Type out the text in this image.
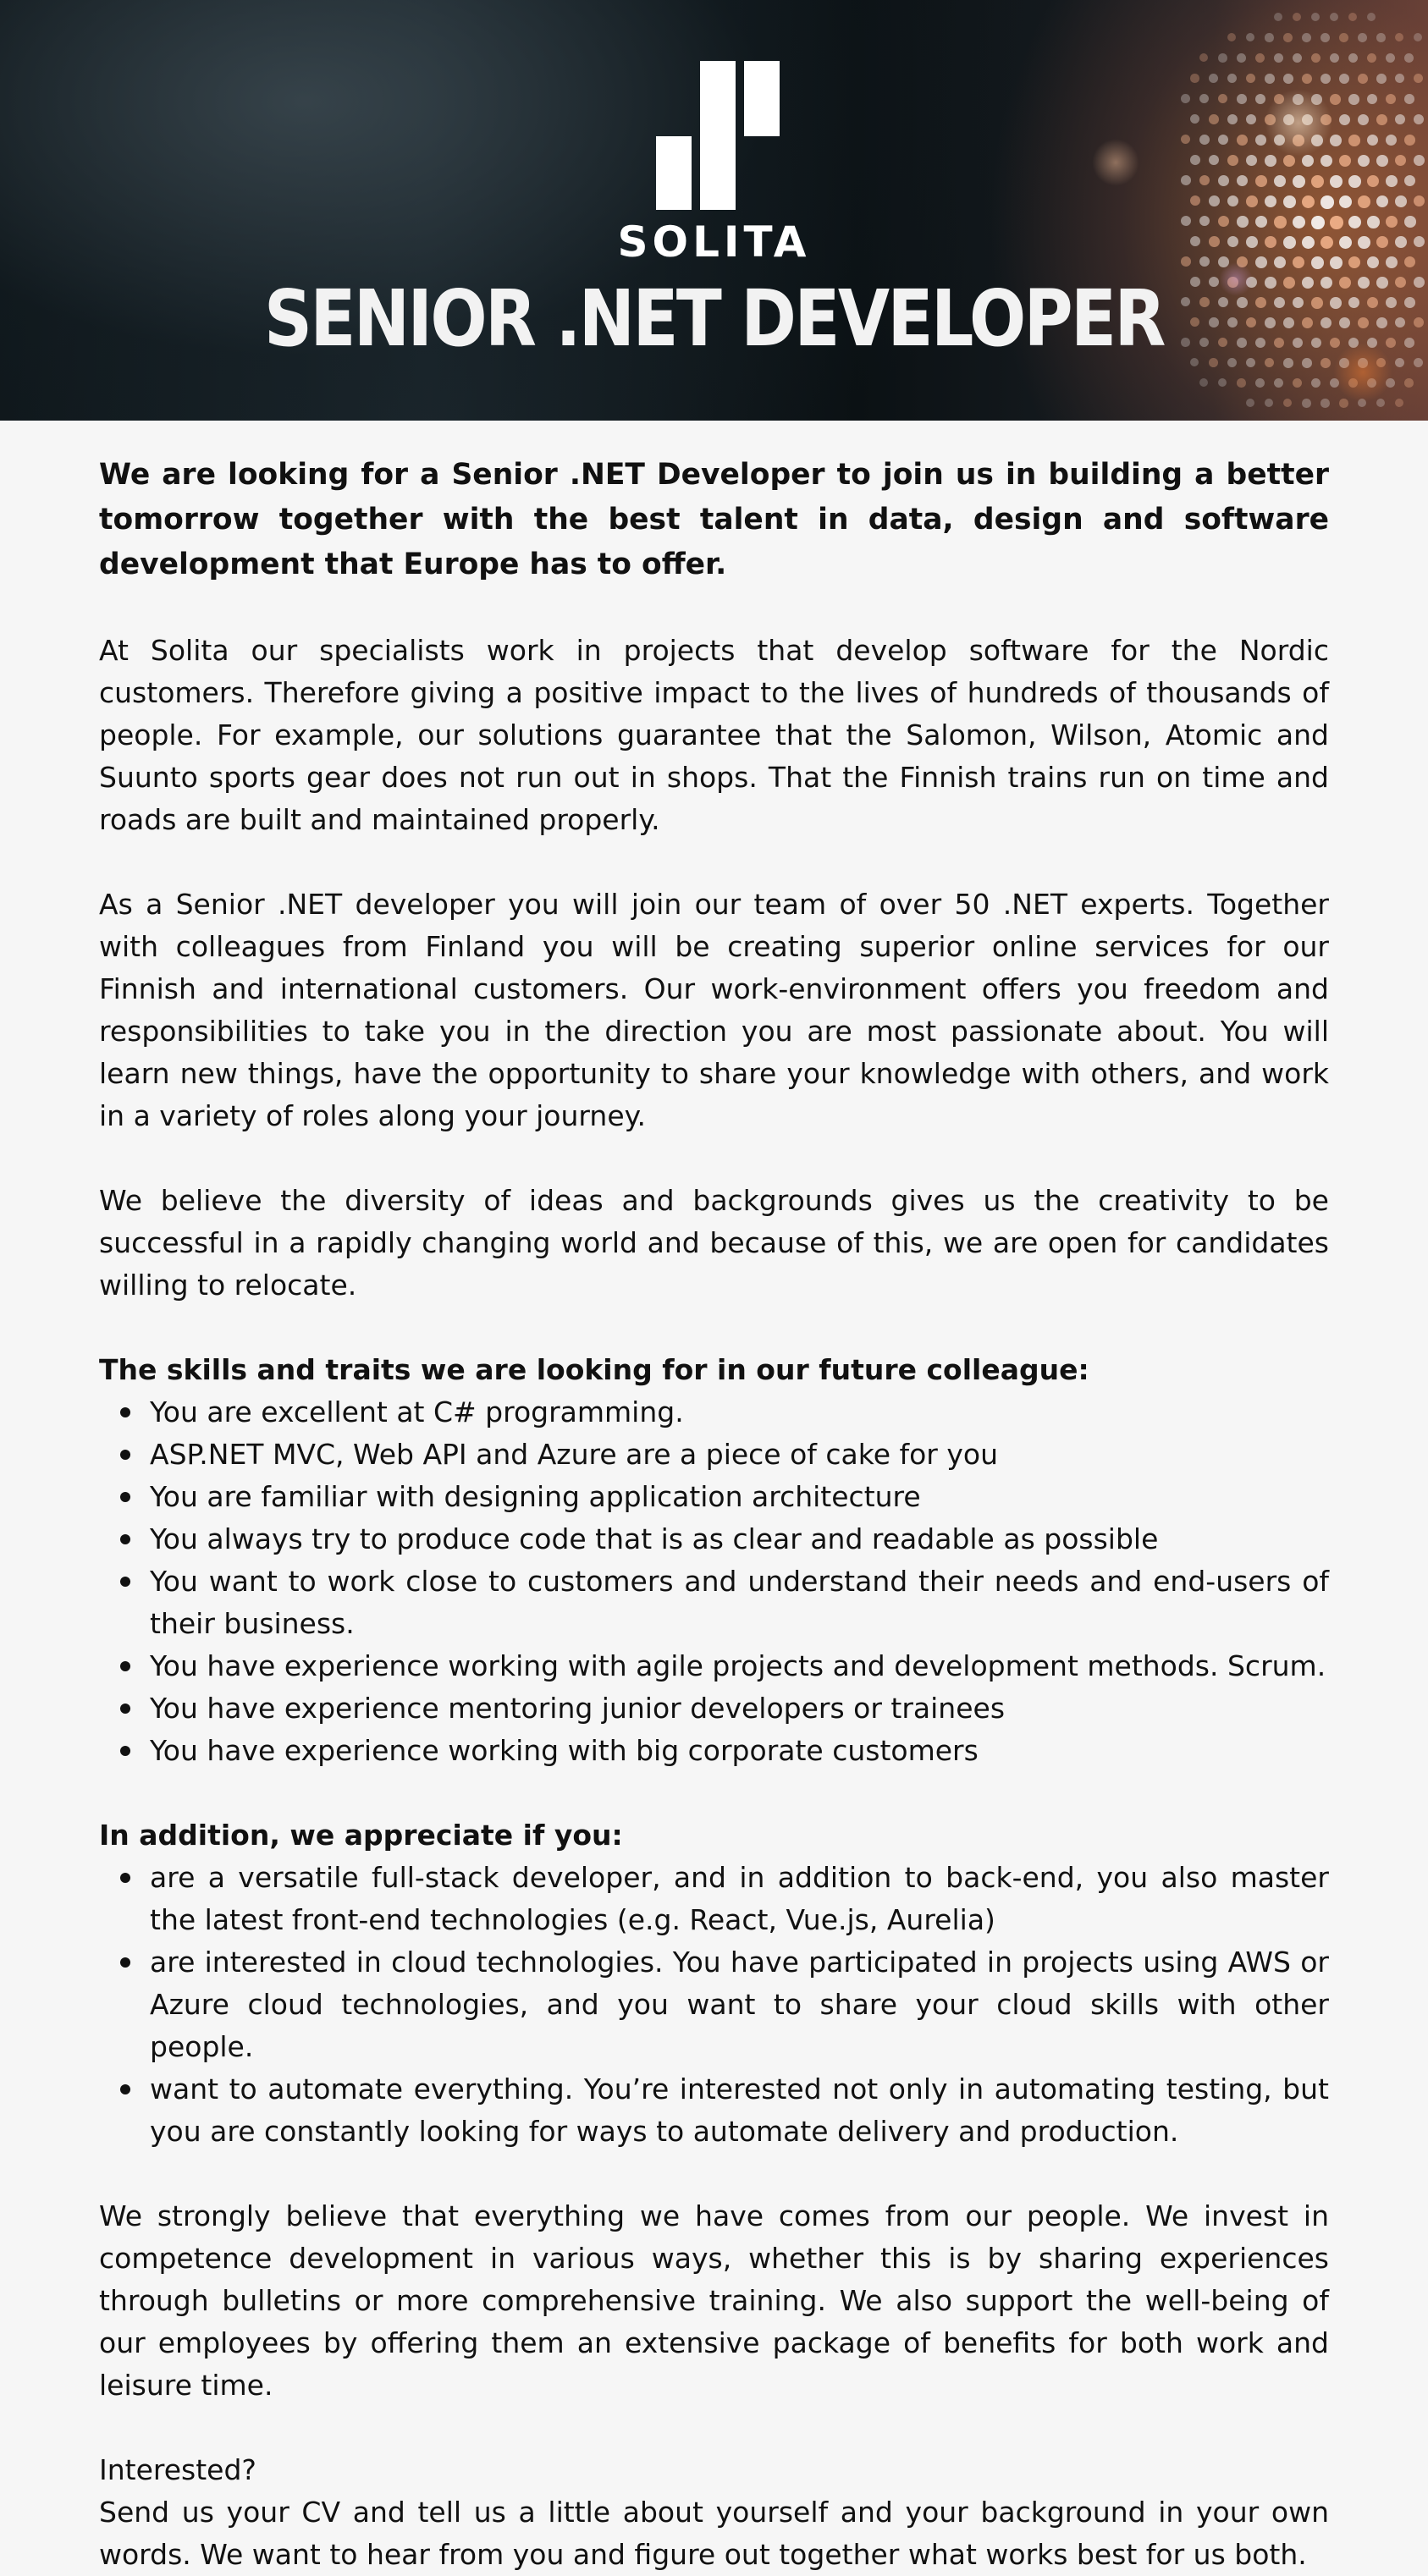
SOLITA
SENIOR .NET DEVELOPER

We are looking for a Senior .NET Developer to join us in building a better tomorrow together with the best talent in data, design and software development that Europe has to offer.

At Solita our specialists work in projects that develop software for the Nordic customers. Therefore giving a positive impact to the lives of hundreds of thousands of people. For example, our solutions guarantee that the Salomon, Wilson, Atomic and Suunto sports gear does not run out in shops. That the Finnish trains run on time and roads are built and maintained properly.

As a Senior .NET developer you will join our team of over 50 .NET experts. Together with colleagues from Finland you will be creating superior online services for our Finnish and international customers. Our work-environment offers you freedom and responsibilities to take you in the direction you are most passionate about. You will learn new things, have the opportunity to share your knowledge with others, and work in a variety of roles along your journey.

We believe the diversity of ideas and backgrounds gives us the creativity to be successful in a rapidly changing world and because of this, we are open for candidates willing to relocate.

The skills and traits we are looking for in our future colleague:

You are excellent at C# programming.
ASP.NET MVC, Web API and Azure are a piece of cake for you
You are familiar with designing application architecture
You always try to produce code that is as clear and readable as possible
You want to work close to customers and understand their needs and end-users of their business.
You have experience working with agile projects and development methods. Scrum.
You have experience mentoring junior developers or trainees
You have experience working with big corporate customers

In addition, we appreciate if you:

are a versatile full-stack developer, and in addition to back-end, you also master the latest front-end technologies (e.g. React, Vue.js, Aurelia)
are interested in cloud technologies. You have participated in projects using AWS or Azure cloud technologies, and you want to share your cloud skills with other people.
want to automate everything. You’re interested not only in automating testing, but you are constantly looking for ways to automate delivery and production.

We strongly believe that everything we have comes from our people. We invest in competence development in various ways, whether this is by sharing experiences through bulletins or more comprehensive training. We also support the well-being of our employees by offering them an extensive package of benefits for both work and leisure time.

Interested?

Send us your CV and tell us a little about yourself and your background in your own words. We want to hear from you and figure out together what works best for us both.
